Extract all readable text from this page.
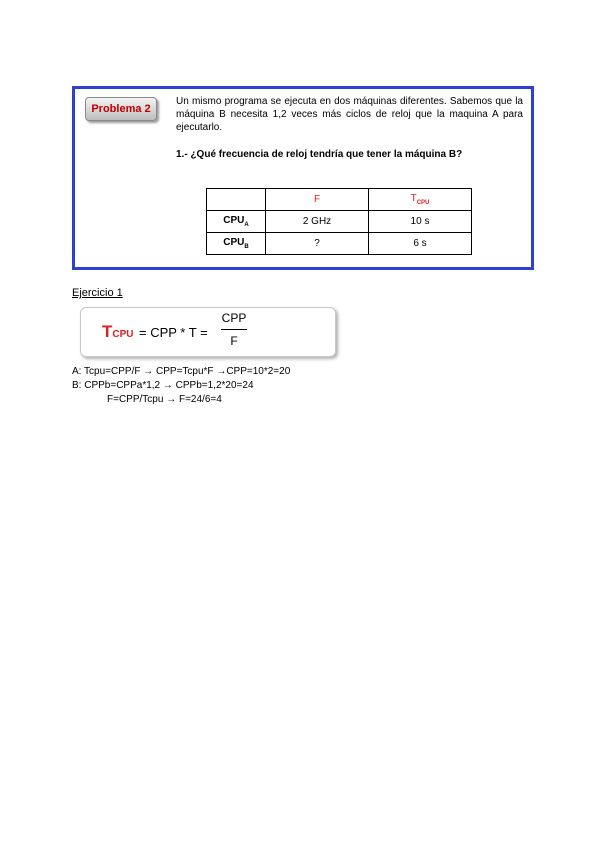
Problema 2
Un mismo programa se ejecuta en dos máquinas diferentes. Sabemos que la máquina B necesita 1,2 veces más ciclos de reloj que la maquina A para ejecutarlo.
1.- ¿Qué frecuencia de reloj tendría que tener la máquina B?
	F	$T_{CPU}$
$CPU_A$	2 GHz	10 s
$CPU_B$	?	6 s
Ejercicio 1
TCPU = CPP * T =
CPP
F
A: Tcpu=CPP/F → CPP=Tcpu*F →CPP=10*2=20
B: CPPb=CPPa*1,2 → CPPb=1,2*20=24
F=CPP/Tcpu → F=24/6=4
